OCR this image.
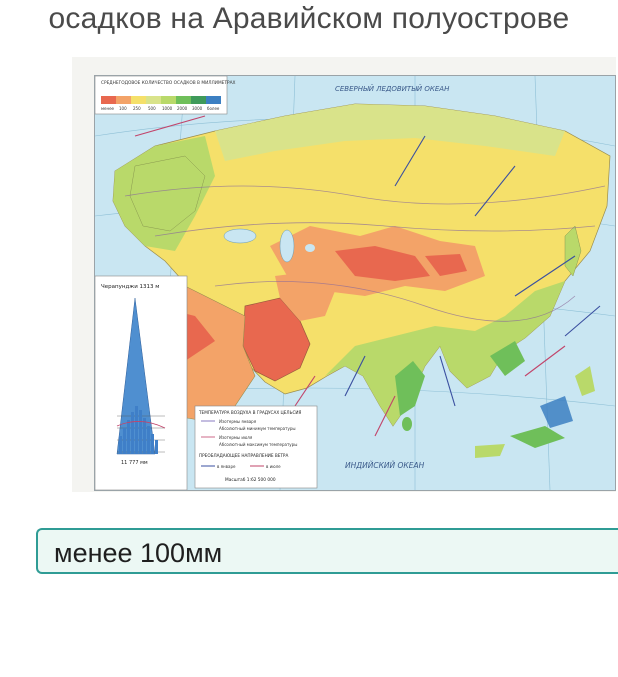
осадков на Аравийском полуострове
СЕВЕРНЫЙ ЛЕДОВИТЫЙ ОКЕАН
ИНДИЙСКИЙ ОКЕАН
СРЕДНЕГОДОВОЕ КОЛИЧЕСТВО ОСАДКОВ В МИЛЛИМЕТРАХ
менее 100 250 500 1000 2000 3000 более
Черапунджи 1313 м
11 777 мм
ТЕМПЕРАТУРА ВОЗДУХА В ГРАДУСАХ ЦЕЛЬСИЯ
Изотермы января
Абсолютный минимум температуры
Изотермы июля
Абсолютный максимум температуры
ПРЕОБЛАДАЮЩЕЕ НАПРАВЛЕНИЕ ВЕТРА
в январе	в июле
Масштаб 1:62 500 000
менее 100мм
